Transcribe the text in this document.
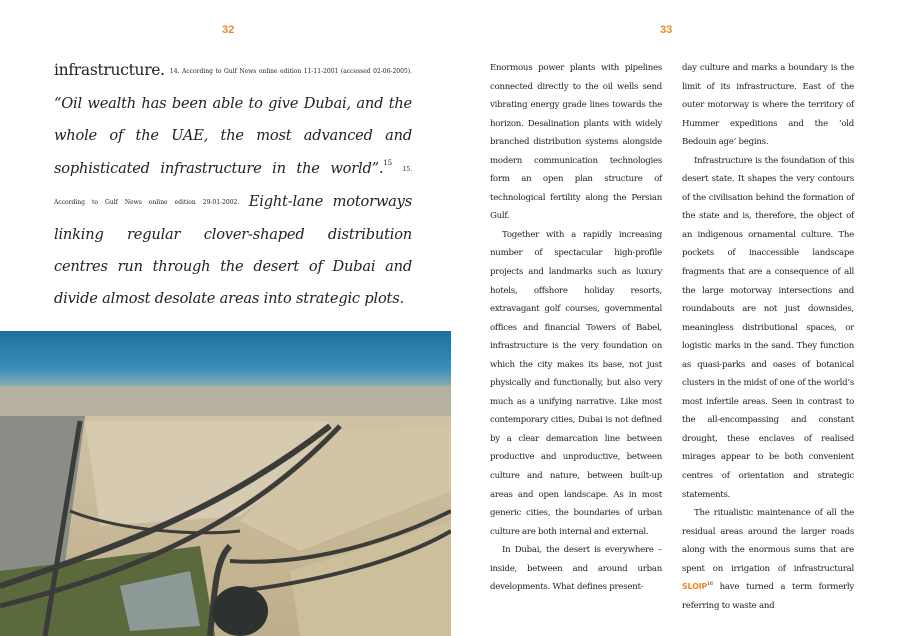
32
infrastructure. 14. According to Gulf News online edition 11-11-2001 (accessed 02-06-2005). “Oil wealth has been able to give Dubai, and the whole of the UAE, the most advanced and sophisticated infrastructure in the world”.$^{15}$ 15. According to Gulf News online edition 29-01-2002. Eight-lane motorways linking regular clover-shaped distribution centres run through the desert of Dubai and divide almost desolate areas into strategic plots.
33

Enormous power plants with pipelines connected directly to the oil wells send vibrating energy grade lines towards the horizon. Desalination plants with widely branched distribution systems alongside modern communication technologies form an open plan structure of technological fertility along the Persian Gulf.

Together with a rapidly increasing number of spectacular high-profile projects and landmarks such as luxury hotels, offshore holiday resorts, extravagant golf courses, governmental offices and financial Towers of Babel, infrastructure is the very foundation on which the city makes its base, not just physically and functionally, but also very much as a unifying narrative. Like most contemporary cities, Dubai is not defined by a clear demarcation line between productive and unproductive, between culture and nature, between built-up areas and open landscape. As in most generic cities, the boundaries of urban culture are both internal and external.

In Dubai, the desert is everywhere – inside, between and around urban developments. What defines present-

day culture and marks a boundary is the limit of its infrastructure. East of the outer motorway is where the territory of Hummer expeditions and the ‘old Bedouin age’ begins.

Infrastructure is the foundation of this desert state. It shapes the very contours of the civilisation behind the formation of the state and is, therefore, the object of an indigenous ornamental culture. The pockets of inaccessible landscape fragments that are a consequence of all the large motorway intersections and roundabouts are not just downsides, meaningless distributional spaces, or logistic marks in the sand. They function as quasi-parks and oases of botanical clusters in the midst of one of the world’s most infertile areas. Seen in contrast to the all-encompassing and constant drought, these enclaves of realised mirages appear to be both convenient centres of orientation and strategic statements.

The ritualistic maintenance of all the residual areas around the larger roads along with the enormous sums that are spent on irrigation of infrastructural SLOIP$^{16}$ have turned a term formerly referring to waste and
